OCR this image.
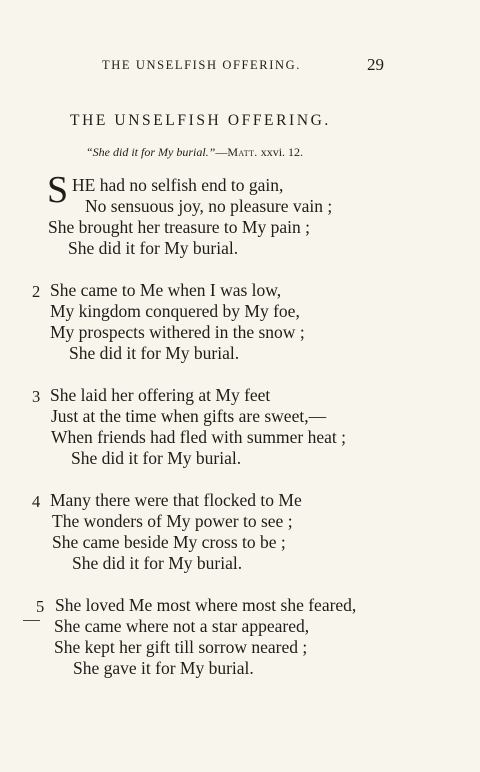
THE UNSELFISH OFFERING.	29
THE UNSELFISH OFFERING.
“She did it for My burial.”—Matt. xxvi. 12.
S HE had no selfish end to gain,
No sensuous joy, no pleasure vain ;
She brought her treasure to My pain ;
She did it for My burial.
2 She came to Me when I was low,
My kingdom conquered by My foe,
My prospects withered in the snow ;
She did it for My burial.
3 She laid her offering at My feet
Just at the time when gifts are sweet,—
When friends had fled with summer heat ;
She did it for My burial.
4 Many there were that flocked to Me
The wonders of My power to see ;
She came beside My cross to be ;
She did it for My burial.
5 She loved Me most where most she feared,
She came where not a star appeared,
She kept her gift till sorrow neared ;
She gave it for My burial.
